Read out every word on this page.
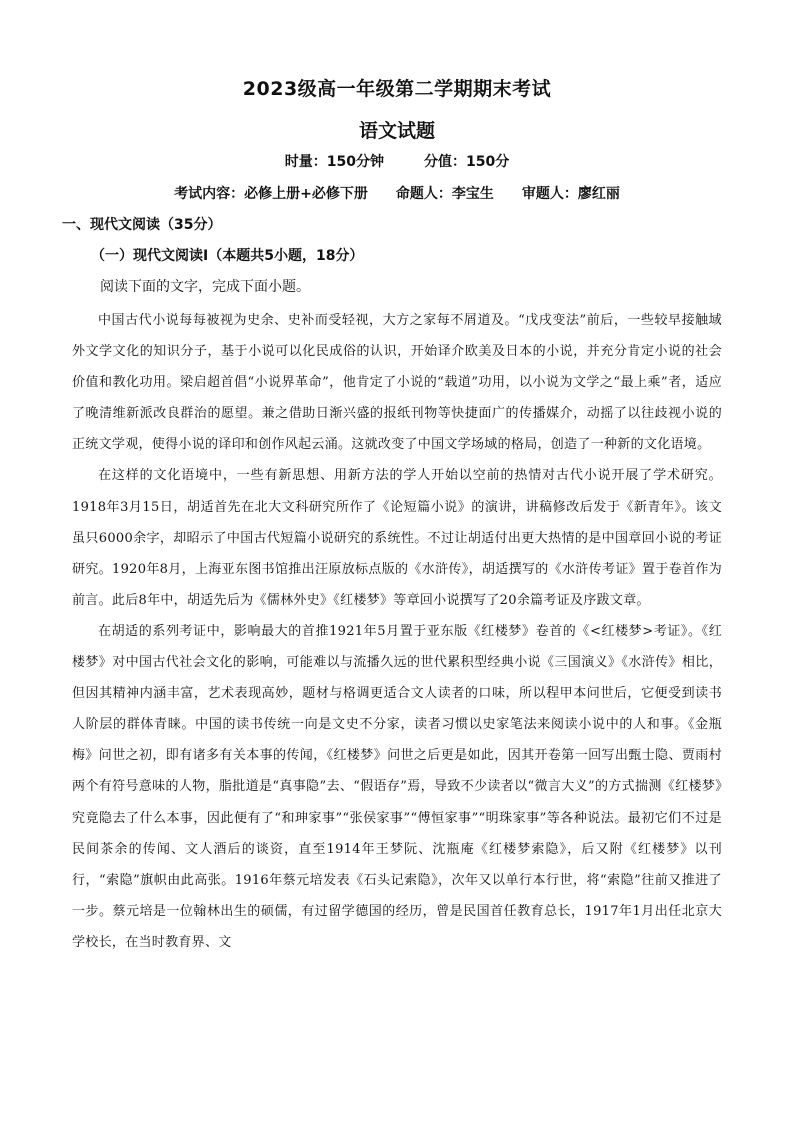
2023级高一年级第二学期期末考试
语文试题
时量：150分钟	分值：150分
考试内容：必修上册+必修下册 命题人：李宝生 审题人：廖红丽
一、现代文阅读（35分）
（一）现代文阅读Ⅰ（本题共5小题，18分）
阅读下面的文字，完成下面小题。

中国古代小说每每被视为史余、史补而受轻视，大方之家每不屑道及。“戊戌变法”前后，一些较早接触域外文学文化的知识分子，基于小说可以化民成俗的认识，开始译介欧美及日本的小说，并充分肯定小说的社会价值和教化功用。梁启超首倡“小说界革命”，他肯定了小说的“载道”功用，以小说为文学之“最上乘”者，适应了晚清维新派改良群治的愿望。兼之借助日渐兴盛的报纸刊物等快捷面广的传播媒介，动摇了以往歧视小说的正统文学观，使得小说的译印和创作风起云涌。这就改变了中国文学场域的格局，创造了一种新的文化语境。

在这样的文化语境中，一些有新思想、用新方法的学人开始以空前的热情对古代小说开展了学术研究。1918年3月15日，胡适首先在北大文科研究所作了《论短篇小说》的演讲，讲稿修改后发于《新青年》。该文虽只6000余字，却昭示了中国古代短篇小说研究的系统性。不过让胡适付出更大热情的是中国章回小说的考证研究。1920年8月，上海亚东图书馆推出汪原放标点版的《水浒传》，胡适撰写的《水浒传考证》置于卷首作为前言。此后8年中，胡适先后为《儒林外史》《红楼梦》等章回小说撰写了20余篇考证及序跋文章。

在胡适的系列考证中，影响最大的首推1921年5月置于亚东版《红楼梦》卷首的《<红楼梦>考证》。《红楼梦》对中国古代社会文化的影响，可能难以与流播久远的世代累积型经典小说《三国演义》《水浒传》相比，但因其精神内涵丰富，艺术表现高妙，题材与格调更适合文人读者的口味，所以程甲本问世后，它便受到读书人阶层的群体青睐。中国的读书传统一向是文史不分家，读者习惯以史家笔法来阅读小说中的人和事。《金瓶梅》问世之初，即有诸多有关本事的传闻，《红楼梦》问世之后更是如此，因其开卷第一回写出甄士隐、贾雨村两个有符号意味的人物，脂批道是“真事隐”去、“假语存”焉，导致不少读者以“微言大义”的方式揣测《红楼梦》究竟隐去了什么本事，因此便有了“和珅家事”“张侯家事”“傅恒家事”“明珠家事”等各种说法。最初它们不过是民间茶余的传闻、文人酒后的谈资，直至1914年王梦阮、沈瓶庵《红楼梦索隐》，后又附《红楼梦》以刊行，“索隐”旗帜由此高张。1916年蔡元培发表《石头记索隐》，次年又以单行本行世，将“索隐”往前又推进了一步。蔡元培是一位翰林出生的硕儒，有过留学德国的经历，曾是民国首任教育总长，1917年1月出任北京大学校长，在当时教育界、文
